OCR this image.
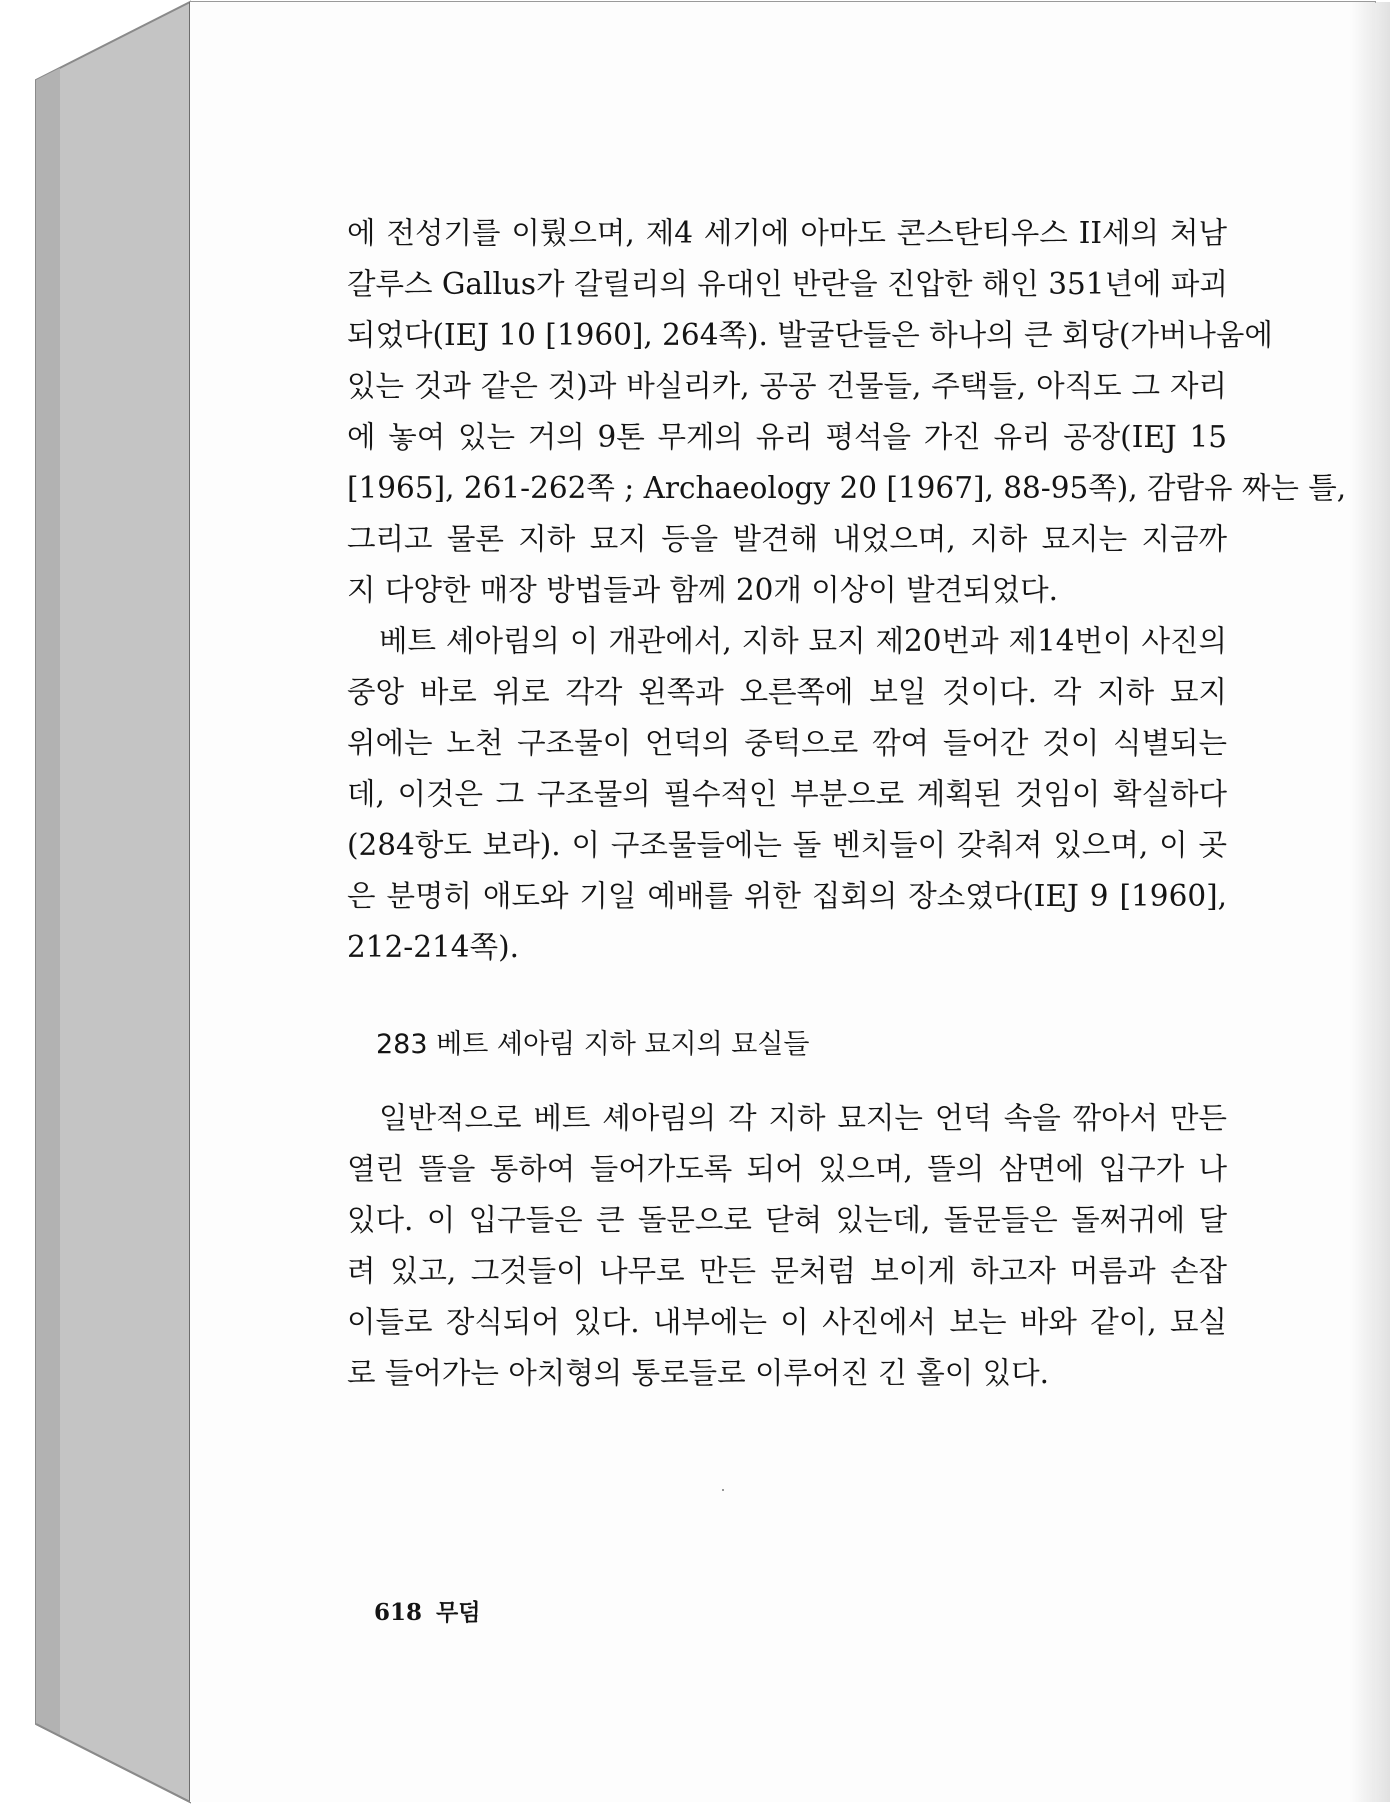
에 전성기를 이뤘으며, 제4 세기에 아마도 콘스탄티우스 II세의 처남
갈루스 Gallus가 갈릴리의 유대인 반란을 진압한 해인 351년에 파괴
되었다(IEJ 10 [1960], 264쪽). 발굴단들은 하나의 큰 회당(가버나움에
있는 것과 같은 것)과 바실리카, 공공 건물들, 주택들, 아직도 그 자리
에 놓여 있는 거의 9톤 무게의 유리 평석을 가진 유리 공장(IEJ 15
[1965], 261-262쪽 ; Archaeology 20 [1967], 88-95쪽), 감람유 짜는 틀,
그리고 물론 지하 묘지 등을 발견해 내었으며, 지하 묘지는 지금까
지 다양한 매장 방법들과 함께 20개 이상이 발견되었다.
베트 셰아림의 이 개관에서, 지하 묘지 제20번과 제14번이 사진의
중앙 바로 위로 각각 왼쪽과 오른쪽에 보일 것이다. 각 지하 묘지
위에는 노천 구조물이 언덕의 중턱으로 깎여 들어간 것이 식별되는
데, 이것은 그 구조물의 필수적인 부분으로 계획된 것임이 확실하다
(284항도 보라). 이 구조물들에는 돌 벤치들이 갖춰져 있으며, 이 곳
은 분명히 애도와 기일 예배를 위한 집회의 장소였다(IEJ 9 [1960],
212-214쪽).
283 베트 셰아림 지하 묘지의 묘실들
일반적으로 베트 셰아림의 각 지하 묘지는 언덕 속을 깎아서 만든
열린 뜰을 통하여 들어가도록 되어 있으며, 뜰의 삼면에 입구가 나
있다. 이 입구들은 큰 돌문으로 닫혀 있는데, 돌문들은 돌쩌귀에 달
려 있고, 그것들이 나무로 만든 문처럼 보이게 하고자 머름과 손잡
이들로 장식되어 있다. 내부에는 이 사진에서 보는 바와 같이, 묘실
로 들어가는 아치형의 통로들로 이루어진 긴 홀이 있다.
618 무덤
